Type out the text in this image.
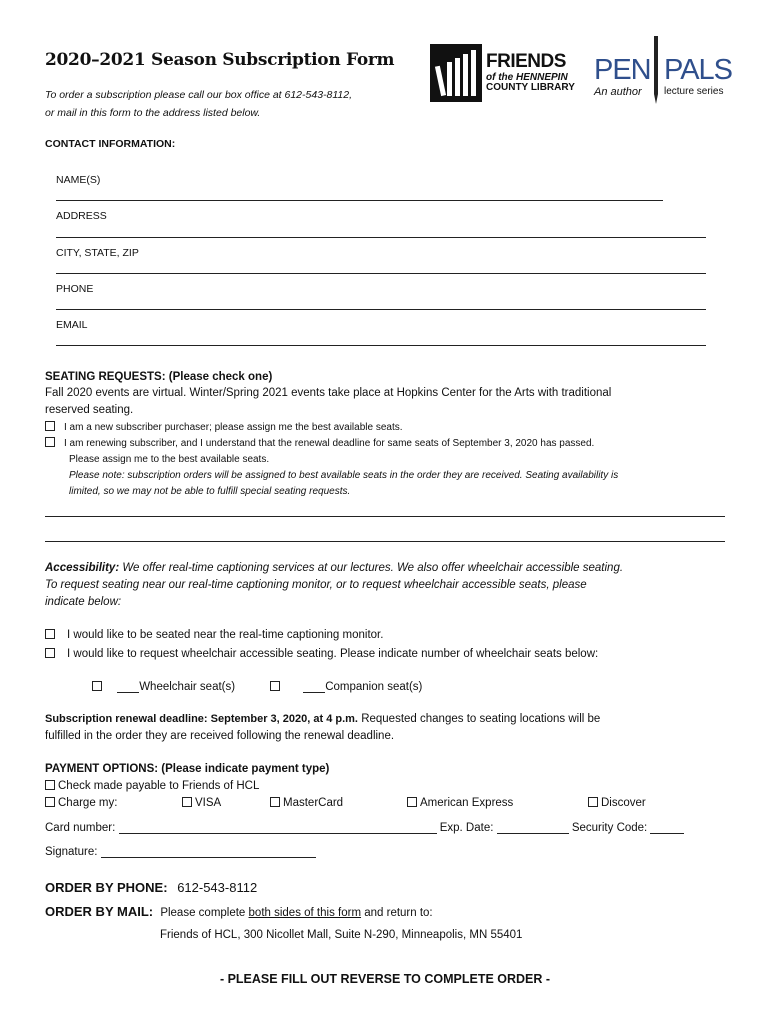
2020–2021 Season Subscription Form
To order a subscription please call our box office at 612-543-8112,
or mail in this form to the address listed below.
FRIENDS
of the HENNEPIN
COUNTY LIBRARY
PEN PALS
An author lecture series
CONTACT INFORMATION:
NAME(S)
ADDRESS
CITY, STATE, ZIP
PHONE
EMAIL
SEATING REQUESTS: (Please check one)
Fall 2020 events are virtual. Winter/Spring 2021 events take place at Hopkins Center for the Arts with traditional
reserved seating.
I am a new subscriber purchaser; please assign me the best available seats.
I am renewing subscriber, and I understand that the renewal deadline for same seats of September 3, 2020 has passed.
Please assign me to the best available seats.
Please note: subscription orders will be assigned to best available seats in the order they are received. Seating availability is
limited, so we may not be able to fulfill special seating requests.
Accessibility: We offer real-time captioning services at our lectures. We also offer wheelchair accessible seating.
To request seating near our real-time captioning monitor, or to request wheelchair accessible seats, please
indicate below:
I would like to be seated near the real-time captioning monitor.
I would like to request wheelchair accessible seating. Please indicate number of wheelchair seats below:
Wheelchair seat(s)	Companion seat(s)
Subscription renewal deadline: September 3, 2020, at 4 p.m. Requested changes to seating locations will be
fulfilled in the order they are received following the renewal deadline.
PAYMENT OPTIONS: (Please indicate payment type)
Check made payable to Friends of HCL
Charge my:	VISA	MasterCard	American Express	Discover
Card number:	Exp. Date:	Security Code:
Signature:
ORDER BY PHONE: 612-543-8112
ORDER BY MAIL: Please complete both sides of this form and return to:
Friends of HCL, 300 Nicollet Mall, Suite N-290, Minneapolis, MN 55401
- PLEASE FILL OUT REVERSE TO COMPLETE ORDER -
